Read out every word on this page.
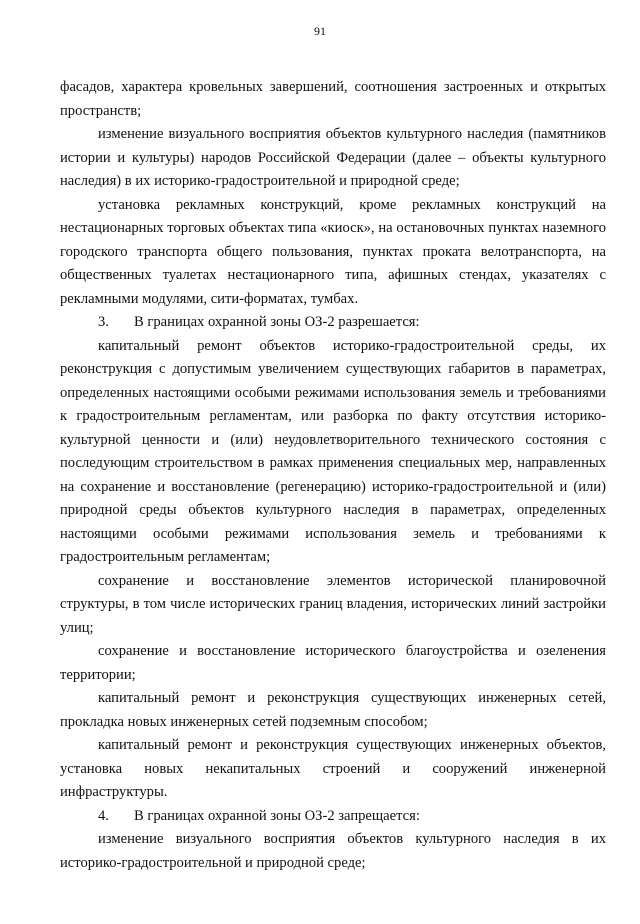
91

фасадов, характера кровельных завершений, соотношения застроенных и открытых пространств;

изменение визуального восприятия объектов культурного наследия (памятников истории и культуры) народов Российской Федерации (далее – объекты культурного наследия) в их историко-градостроительной и природной среде;

установка рекламных конструкций, кроме рекламных конструкций на нестационарных торговых объектах типа «киоск», на остановочных пунктах наземного городского транспорта общего пользования, пунктах проката велотранспорта, на общественных туалетах нестационарного типа, афишных стендах, указателях с рекламными модулями, сити-форматах, тумбах.

3. В границах охранной зоны ОЗ-2 разрешается:

капитальный ремонт объектов историко-градостроительной среды, их реконструкция с допустимым увеличением существующих габаритов в параметрах, определенных настоящими особыми режимами использования земель и требованиями к градостроительным регламентам, или разборка по факту отсутствия историко-культурной ценности и (или) неудовлетворительного технического состояния с последующим строительством в рамках применения специальных мер, направленных на сохранение и восстановление (регенерацию) историко-градостроительной и (или) природной среды объектов культурного наследия в параметрах, определенных настоящими особыми режимами использования земель и требованиями к градостроительным регламентам;

сохранение и восстановление элементов исторической планировочной структуры, в том числе исторических границ владения, исторических линий застройки улиц;

сохранение и восстановление исторического благоустройства и озеленения территории;

капитальный ремонт и реконструкция существующих инженерных сетей, прокладка новых инженерных сетей подземным способом;

капитальный ремонт и реконструкция существующих инженерных объектов, установка новых некапитальных строений и сооружений инженерной инфраструктуры.

4. В границах охранной зоны ОЗ-2 запрещается:

изменение визуального восприятия объектов культурного наследия в их историко-градостроительной и природной среде;
